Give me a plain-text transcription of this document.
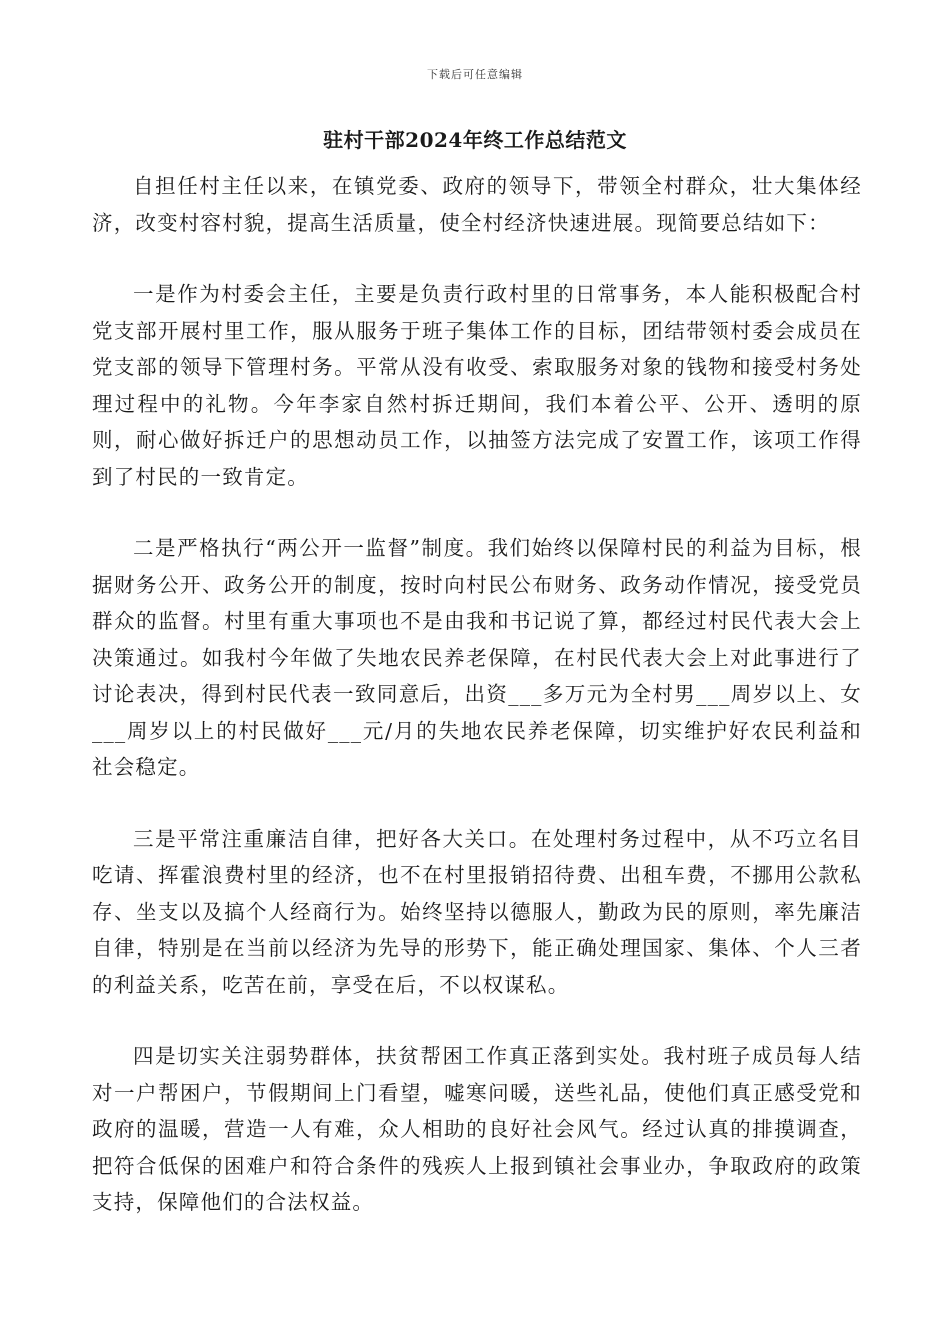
下载后可任意编辑
驻村干部2024年终工作总结范文

自担任村主任以来，在镇党委、政府的领导下，带领全村群众，壮大集体经济，改变村容村貌，提高生活质量，使全村经济快速进展。现简要总结如下：

一是作为村委会主任，主要是负责行政村里的日常事务，本人能积极配合村党支部开展村里工作，服从服务于班子集体工作的目标，团结带领村委会成员在党支部的领导下管理村务。平常从没有收受、索取服务对象的钱物和接受村务处理过程中的礼物。今年李家自然村拆迁期间，我们本着公平、公开、透明的原则，耐心做好拆迁户的思想动员工作，以抽签方法完成了安置工作，该项工作得到了村民的一致肯定。

二是严格执行“两公开一监督”制度。我们始终以保障村民的利益为目标，根据财务公开、政务公开的制度，按时向村民公布财务、政务动作情况，接受党员群众的监督。村里有重大事项也不是由我和书记说了算，都经过村民代表大会上决策通过。如我村今年做了失地农民养老保障，在村民代表大会上对此事进行了讨论表决，得到村民代表一致同意后，出资___多万元为全村男___周岁以上、女___周岁以上的村民做好___元/月的失地农民养老保障，切实维护好农民利益和社会稳定。

三是平常注重廉洁自律，把好各大关口。在处理村务过程中，从不巧立名目吃请、挥霍浪费村里的经济，也不在村里报销招待费、出租车费，不挪用公款私存、坐支以及搞个人经商行为。始终坚持以德服人，勤政为民的原则，率先廉洁自律，特别是在当前以经济为先导的形势下，能正确处理国家、集体、个人三者的利益关系，吃苦在前，享受在后，不以权谋私。

四是切实关注弱势群体，扶贫帮困工作真正落到实处。我村班子成员每人结对一户帮困户，节假期间上门看望，嘘寒问暖，送些礼品，使他们真正感受党和政府的温暖，营造一人有难，众人相助的良好社会风气。经过认真的排摸调查，把符合低保的困难户和符合条件的残疾人上报到镇社会事业办，争取政府的政策支持，保障他们的合法权益。
